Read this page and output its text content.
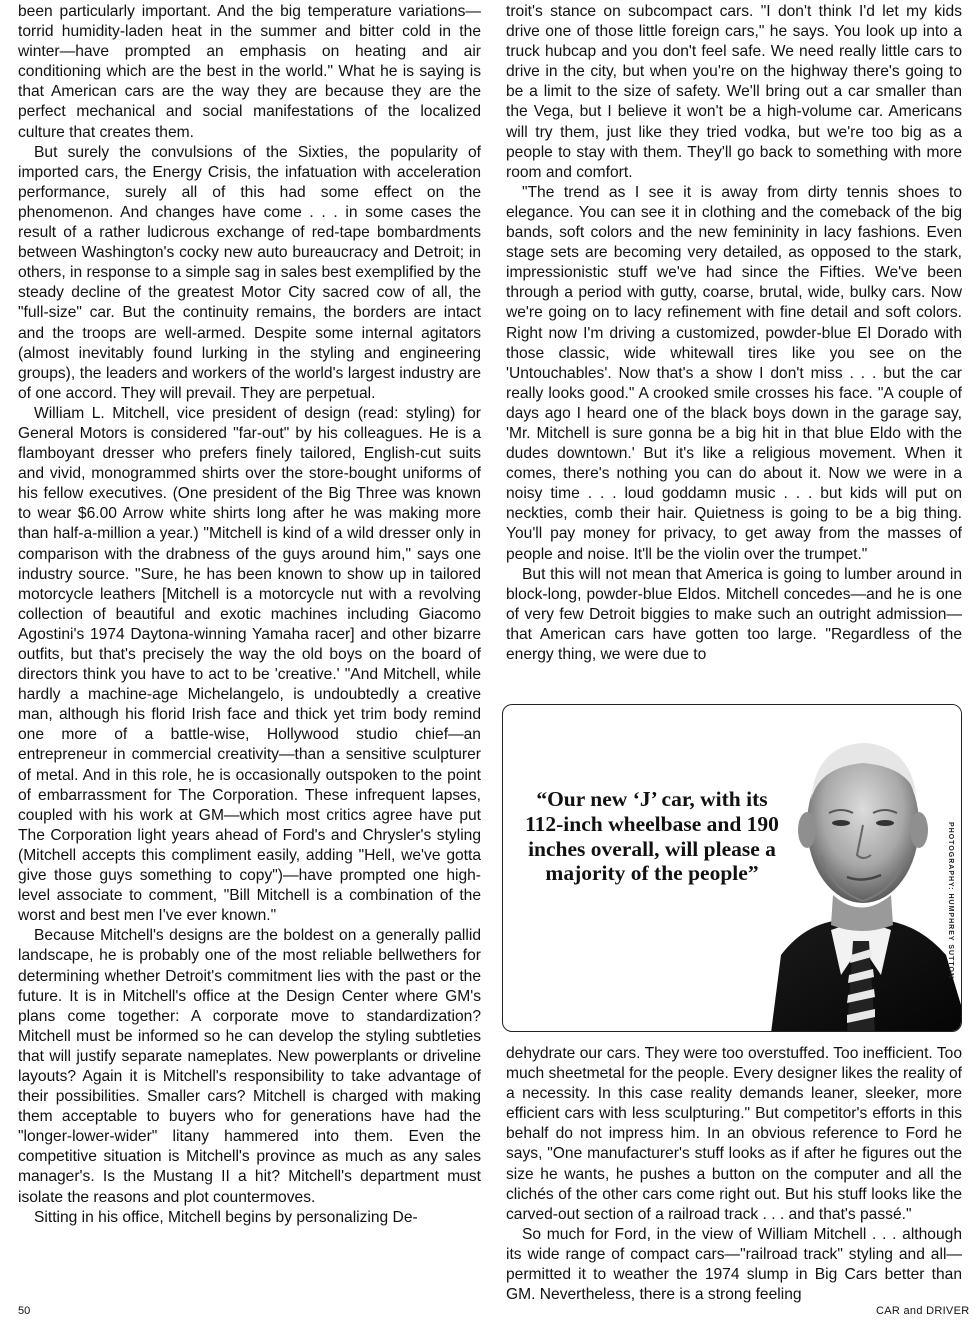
been particularly important. And the big temperature variations—torrid humidity-laden heat in the summer and bitter cold in the winter—have prompted an emphasis on heating and air conditioning which are the best in the world." What he is saying is that American cars are the way they are because they are the perfect mechanical and social manifestations of the localized culture that creates them.

But surely the convulsions of the Sixties, the popularity of imported cars, the Energy Crisis, the infatuation with acceleration performance, surely all of this had some effect on the phenomenon. And changes have come . . . in some cases the result of a rather ludicrous exchange of red-tape bombardments between Washington's cocky new auto bureaucracy and Detroit; in others, in response to a simple sag in sales best exemplified by the steady decline of the greatest Motor City sacred cow of all, the "full-size" car. But the continuity remains, the borders are intact and the troops are well-armed. Despite some internal agitators (almost inevitably found lurking in the styling and engineering groups), the leaders and workers of the world's largest industry are of one accord. They will prevail. They are perpetual.

William L. Mitchell, vice president of design (read: styling) for General Motors is considered "far-out" by his colleagues. He is a flamboyant dresser who prefers finely tailored, English-cut suits and vivid, monogrammed shirts over the store-bought uniforms of his fellow executives. (One president of the Big Three was known to wear $6.00 Arrow white shirts long after he was making more than half-a-million a year.) "Mitchell is kind of a wild dresser only in comparison with the drabness of the guys around him," says one industry source. "Sure, he has been known to show up in tailored motorcycle leathers [Mitchell is a motorcycle nut with a revolving collection of beautiful and exotic machines including Giacomo Agostini's 1974 Daytona-winning Yamaha racer] and other bizarre outfits, but that's precisely the way the old boys on the board of directors think you have to act to be 'creative.' "And Mitchell, while hardly a machine-age Michelangelo, is undoubtedly a creative man, although his florid Irish face and thick yet trim body remind one more of a battle-wise, Hollywood studio chief—an entrepreneur in commercial creativity—than a sensitive sculpturer of metal. And in this role, he is occasionally outspoken to the point of embarrassment for The Corporation. These infrequent lapses, coupled with his work at GM—which most critics agree have put The Corporation light years ahead of Ford's and Chrysler's styling (Mitchell accepts this compliment easily, adding "Hell, we've gotta give those guys something to copy")—have prompted one high-level associate to comment, "Bill Mitchell is a combination of the worst and best men I've ever known."

Because Mitchell's designs are the boldest on a generally pallid landscape, he is probably one of the most reliable bellwethers for determining whether Detroit's commitment lies with the past or the future. It is in Mitchell's office at the Design Center where GM's plans come together: A corporate move to standardization? Mitchell must be informed so he can develop the styling subtleties that will justify separate nameplates. New powerplants or driveline layouts? Again it is Mitchell's responsibility to take advantage of their possibilities. Smaller cars? Mitchell is charged with making them acceptable to buyers who for generations have had the "longer-lower-wider" litany hammered into them. Even the competitive situation is Mitchell's province as much as any sales manager's. Is the Mustang II a hit? Mitchell's department must isolate the reasons and plot countermoves.

Sitting in his office, Mitchell begins by personalizing De-

troit's stance on subcompact cars. "I don't think I'd let my kids drive one of those little foreign cars," he says. You look up into a truck hubcap and you don't feel safe. We need really little cars to drive in the city, but when you're on the highway there's going to be a limit to the size of safety. We'll bring out a car smaller than the Vega, but I believe it won't be a high-volume car. Americans will try them, just like they tried vodka, but we're too big as a people to stay with them. They'll go back to something with more room and comfort.

"The trend as I see it is away from dirty tennis shoes to elegance. You can see it in clothing and the comeback of the big bands, soft colors and the new femininity in lacy fashions. Even stage sets are becoming very detailed, as opposed to the stark, impressionistic stuff we've had since the Fifties. We've been through a period with gutty, coarse, brutal, wide, bulky cars. Now we're going on to lacy refinement with fine detail and soft colors. Right now I'm driving a customized, powder-blue El Dorado with those classic, wide whitewall tires like you see on the 'Untouchables'. Now that's a show I don't miss . . . but the car really looks good." A crooked smile crosses his face. "A couple of days ago I heard one of the black boys down in the garage say, 'Mr. Mitchell is sure gonna be a big hit in that blue Eldo with the dudes downtown.' But it's like a religious movement. When it comes, there's nothing you can do about it. Now we were in a noisy time . . . loud goddamn music . . . but kids will put on neckties, comb their hair. Quietness is going to be a big thing. You'll pay money for privacy, to get away from the masses of people and noise. It'll be the violin over the trumpet."

But this will not mean that America is going to lumber around in block-long, powder-blue Eldos. Mitchell concedes—and he is one of very few Detroit biggies to make such an outright admission—that American cars have gotten too large. "Regardless of the energy thing, we were due to

“Our new ‘J’ car, with its 112-inch wheelbase and 190 inches overall, will please a majority of the people”

dehydrate our cars. They were too overstuffed. Too inefficient. Too much sheetmetal for the people. Every designer likes the reality of a necessity. In this case reality demands leaner, sleeker, more efficient cars with less sculpturing." But competitor's efforts in this behalf do not impress him. In an obvious reference to Ford he says, "One manufacturer's stuff looks as if after he figures out the size he wants, he pushes a button on the computer and all the clichés of the other cars come right out. But his stuff looks like the carved-out section of a railroad track . . . and that's passé."

So much for Ford, in the view of William Mitchell . . . although its wide range of compact cars—"railroad track" styling and all—permitted it to weather the 1974 slump in Big Cars better than GM. Nevertheless, there is a strong feeling

50	CAR and DRIVER
